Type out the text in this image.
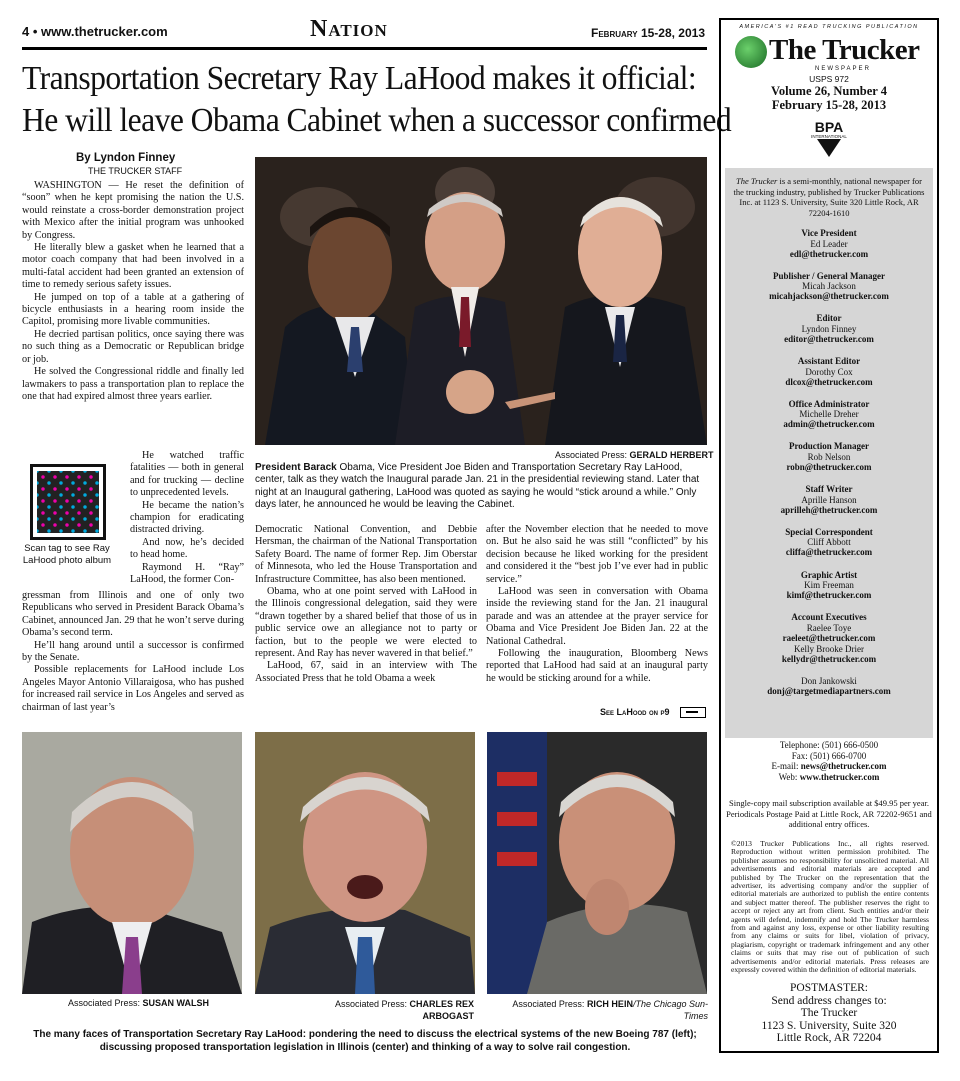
4 • www.thetrucker.com	Nation	February 15-28, 2013
Transportation Secretary Ray LaHood makes it official:
He will leave Obama Cabinet when a successor confirmed
By Lyndon Finney
THE TRUCKER STAFF

WASHINGTON — He reset the definition of “soon” when he kept promising the nation the U.S. would reinstate a cross-border demonstration project with Mexico after the initial program was unhooked by Congress.

He literally blew a gasket when he learned that a motor coach company that had been involved in a multi-fatal accident had been granted an extension of time to remedy serious safety issues.

He jumped on top of a table at a gathering of bicycle enthusiasts in a hearing room inside the Capitol, promising more livable communities.

He decried partisan politics, once saying there was no such thing as a Democratic or Republican bridge or job.

He solved the Congressional riddle and finally led lawmakers to pass a transportation plan to replace the one that had expired almost three years earlier.

Scan tag to see Ray LaHood photo album

He watched traffic fatalities — both in general and for trucking — decline to unprecedented levels.

He became the nation’s champion for eradicating distracted driving.

And now, he’s decided to head home.

Raymond H. “Ray” LaHood, the former Con-

gressman from Illinois and one of only two Republicans who served in President Barack Obama’s Cabinet, announced Jan. 29 that he won’t serve during Obama’s second term.

He’ll hang around until a successor is confirmed by the Senate.

Possible replacements for LaHood include Los Angeles Mayor Antonio Villaraigosa, who has pushed for increased rail service in Los Angeles and served as chairman of last year’s

Associated Press: GERALD HERBERT
President Barack Obama, Vice President Joe Biden and Transportation Secretary Ray LaHood, center, talk as they watch the Inaugural parade Jan. 21 in the presidential reviewing stand. Later that night at an Inaugural gathering, LaHood was quoted as saying he would “stick around a while.” Only days later, he announced he would be leaving the Cabinet.

Democratic National Convention, and Debbie Hersman, the chairman of the National Transportation Safety Board. The name of former Rep. Jim Oberstar of Minnesota, who led the House Transportation and Infrastructure Committee, has also been mentioned.

Obama, who at one point served with LaHood in the Illinois congressional delegation, said they were “drawn together by a shared belief that those of us in public service owe an allegiance not to party or faction, but to the people we were elected to represent. And Ray has never wavered in that belief.”

LaHood, 67, said in an interview with The Associated Press that he told Obama a week

after the November election that he needed to move on. But he also said he was still “conflicted” by his decision because he liked working for the president and considered it the “best job I’ve ever had in public service.”

LaHood was seen in conversation with Obama inside the reviewing stand for the Jan. 21 inaugural parade and was an attendee at the prayer service for Obama and Vice President Joe Biden Jan. 22 at the National Cathedral.

Following the inauguration, Bloomberg News reported that LaHood had said at an inaugural party he would be sticking around for a while.

See LaHood on p9
Associated Press: SUSAN WALSH	Associated Press: CHARLES REX ARBOGAST
Associated Press: RICH HEIN/The Chicago Sun-Times
The many faces of Transportation Secretary Ray LaHood: pondering the need to discuss the electrical systems of the new Boeing 787 (left); discussing proposed transportation legislation in Illinois (center) and thinking of a way to solve rail congestion.
AMERICA'S #1 READ TRUCKING PUBLICATION
The Trucker
NEWSPAPER
USPS 972
Volume 26, Number 4
February 15-28, 2013
BPA
INTERNATIONAL
The Trucker is a semi-monthly, national newspaper for the trucking industry, published by Trucker Publications Inc. at 1123 S. University, Suite 320 Little Rock, AR 72204-1610
Vice President
Ed Leader
edl@thetrucker.com
Publisher / General Manager
Micah Jackson
micahjackson@thetrucker.com
Editor
Lyndon Finney
editor@thetrucker.com
Assistant Editor
Dorothy Cox
dlcox@thetrucker.com
Office Administrator
Michelle Dreher
admin@thetrucker.com
Production Manager
Rob Nelson
robn@thetrucker.com
Staff Writer
Aprille Hanson
aprilleh@thetrucker.com
Special Correspondent
Cliff Abbott
cliffa@thetrucker.com
Graphic Artist
Kim Freeman
kimf@thetrucker.com
Account Executives
Raelee Toye
raeleet@thetrucker.com
Kelly Brooke Drier
kellydr@thetrucker.com
Don Jankowski
donj@targetmediapartners.com
Telephone: (501) 666-0500
Fax: (501) 666-0700
E-mail: news@thetrucker.com
Web: www.thetrucker.com
Single-copy mail subscription available at $49.95 per year. Periodicals Postage Paid at Little Rock, AR 72202-9651 and additional entry offices.
©2013 Trucker Publications Inc., all rights reserved. Reproduction without written permission prohibited. The publisher assumes no responsibility for unsolicited material. All advertisements and editorial materials are accepted and published by The Trucker on the representation that the advertiser, its advertising company and/or the supplier of editorial materials are authorized to publish the entire contents and subject matter thereof. The publisher reserves the right to accept or reject any art from client. Such entities and/or their agents will defend, indemnify and hold The Trucker harmless from and against any loss, expense or other liability resulting from any claims or suits for libel, violation of privacy, plagiarism, copyright or trademark infringement and any other claims or suits that may rise out of publication of such advertisements and/or editorial materials. Press releases are expressly covered within the definition of editorial materials.
POSTMASTER:
Send address changes to:
The Trucker
1123 S. University, Suite 320
Little Rock, AR 72204
